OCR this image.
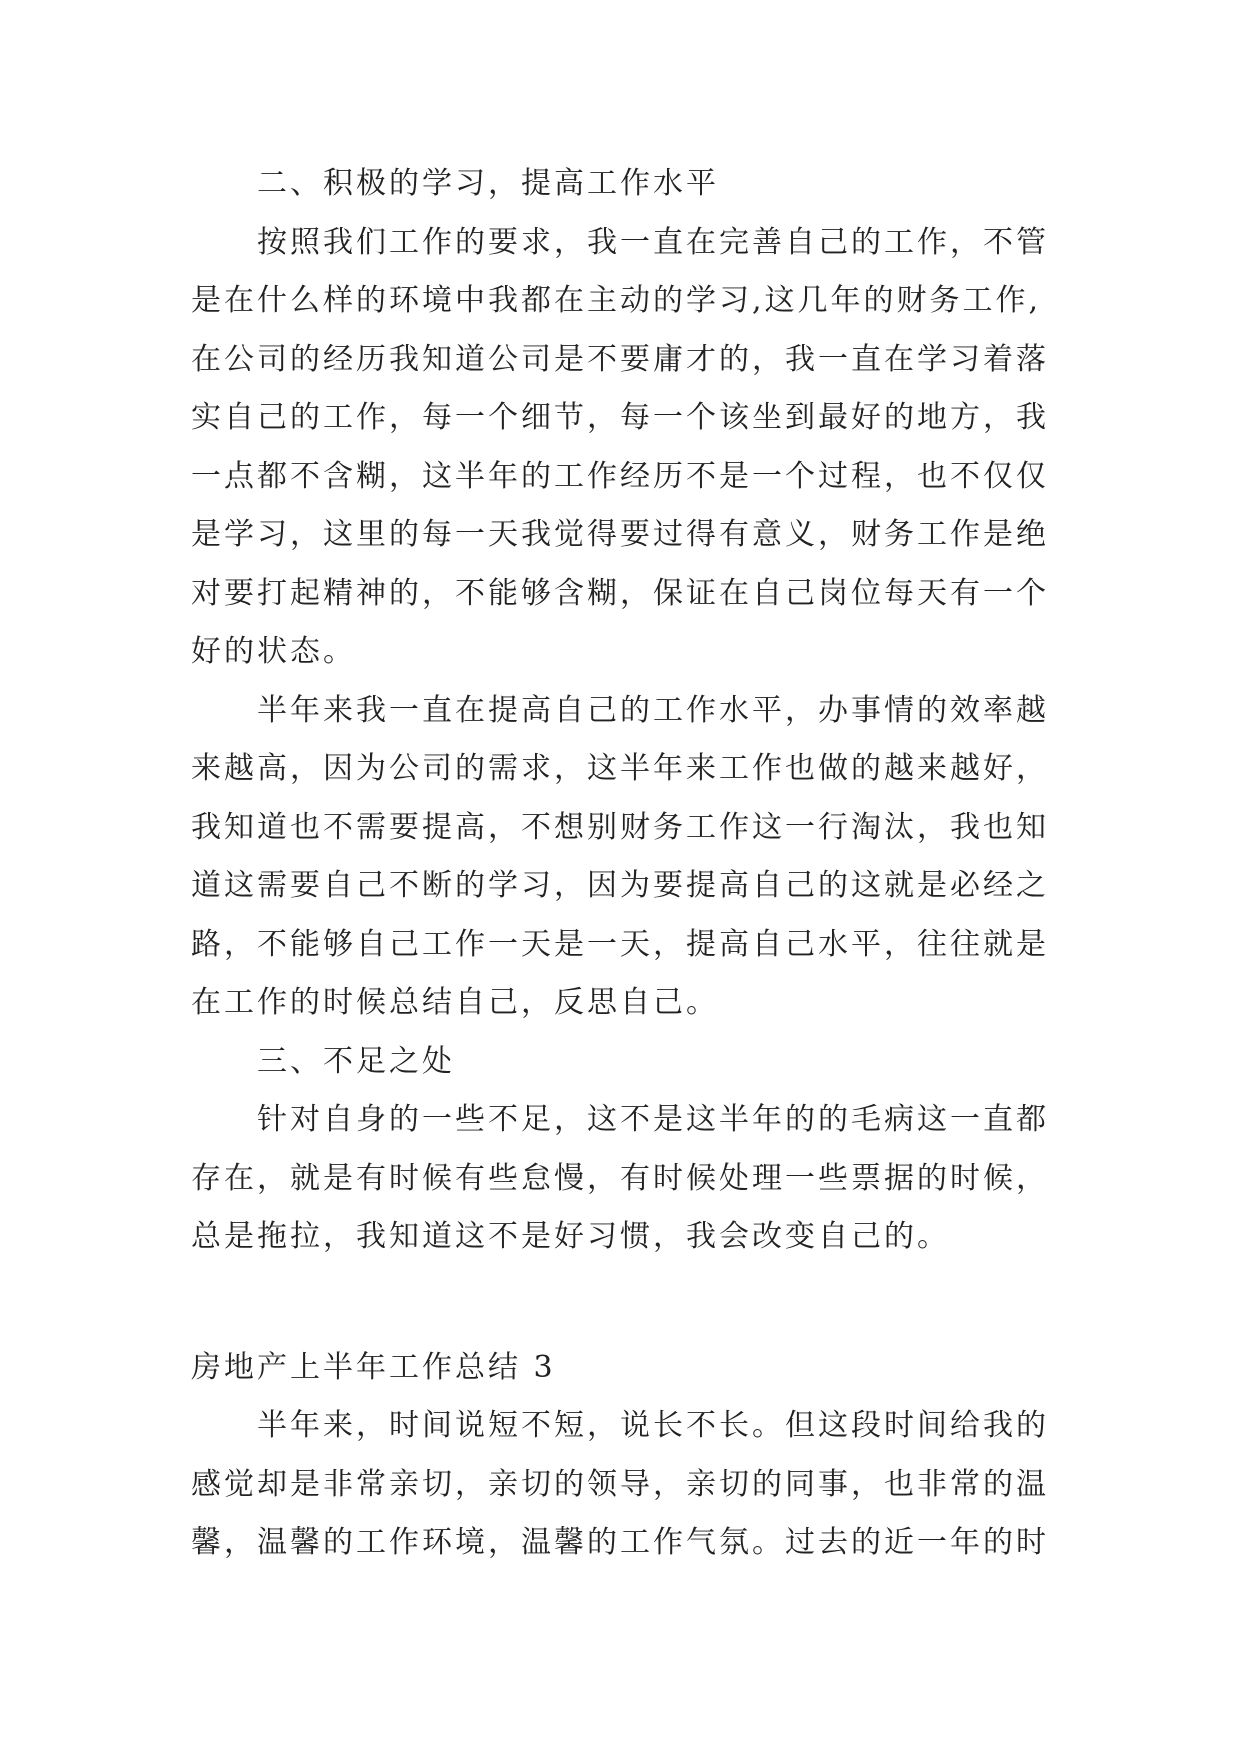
二、积极的学习，提高工作水平

按照我们工作的要求，我一直在完善自己的工作，不管

是在什么样的环境中我都在主动的学习,这几年的财务工作,

在公司的经历我知道公司是不要庸才的，我一直在学习着落

实自己的工作，每一个细节，每一个该坐到最好的地方，我

一点都不含糊，这半年的工作经历不是一个过程，也不仅仅

是学习，这里的每一天我觉得要过得有意义，财务工作是绝

对要打起精神的，不能够含糊，保证在自己岗位每天有一个

好的状态。

半年来我一直在提高自己的工作水平，办事情的效率越

来越高，因为公司的需求，这半年来工作也做的越来越好，

我知道也不需要提高，不想别财务工作这一行淘汰，我也知

道这需要自己不断的学习，因为要提高自己的这就是必经之

路，不能够自己工作一天是一天，提高自己水平，往往就是

在工作的时候总结自己，反思自己。

三、不足之处

针对自身的一些不足，这不是这半年的的毛病这一直都

存在，就是有时候有些怠慢，有时候处理一些票据的时候，

总是拖拉，我知道这不是好习惯，我会改变自己的。

房地产上半年工作总结 3

半年来，时间说短不短，说长不长。但这段时间给我的

感觉却是非常亲切，亲切的领导，亲切的同事，也非常的温

馨，温馨的工作环境，温馨的工作气氛。过去的近一年的时
